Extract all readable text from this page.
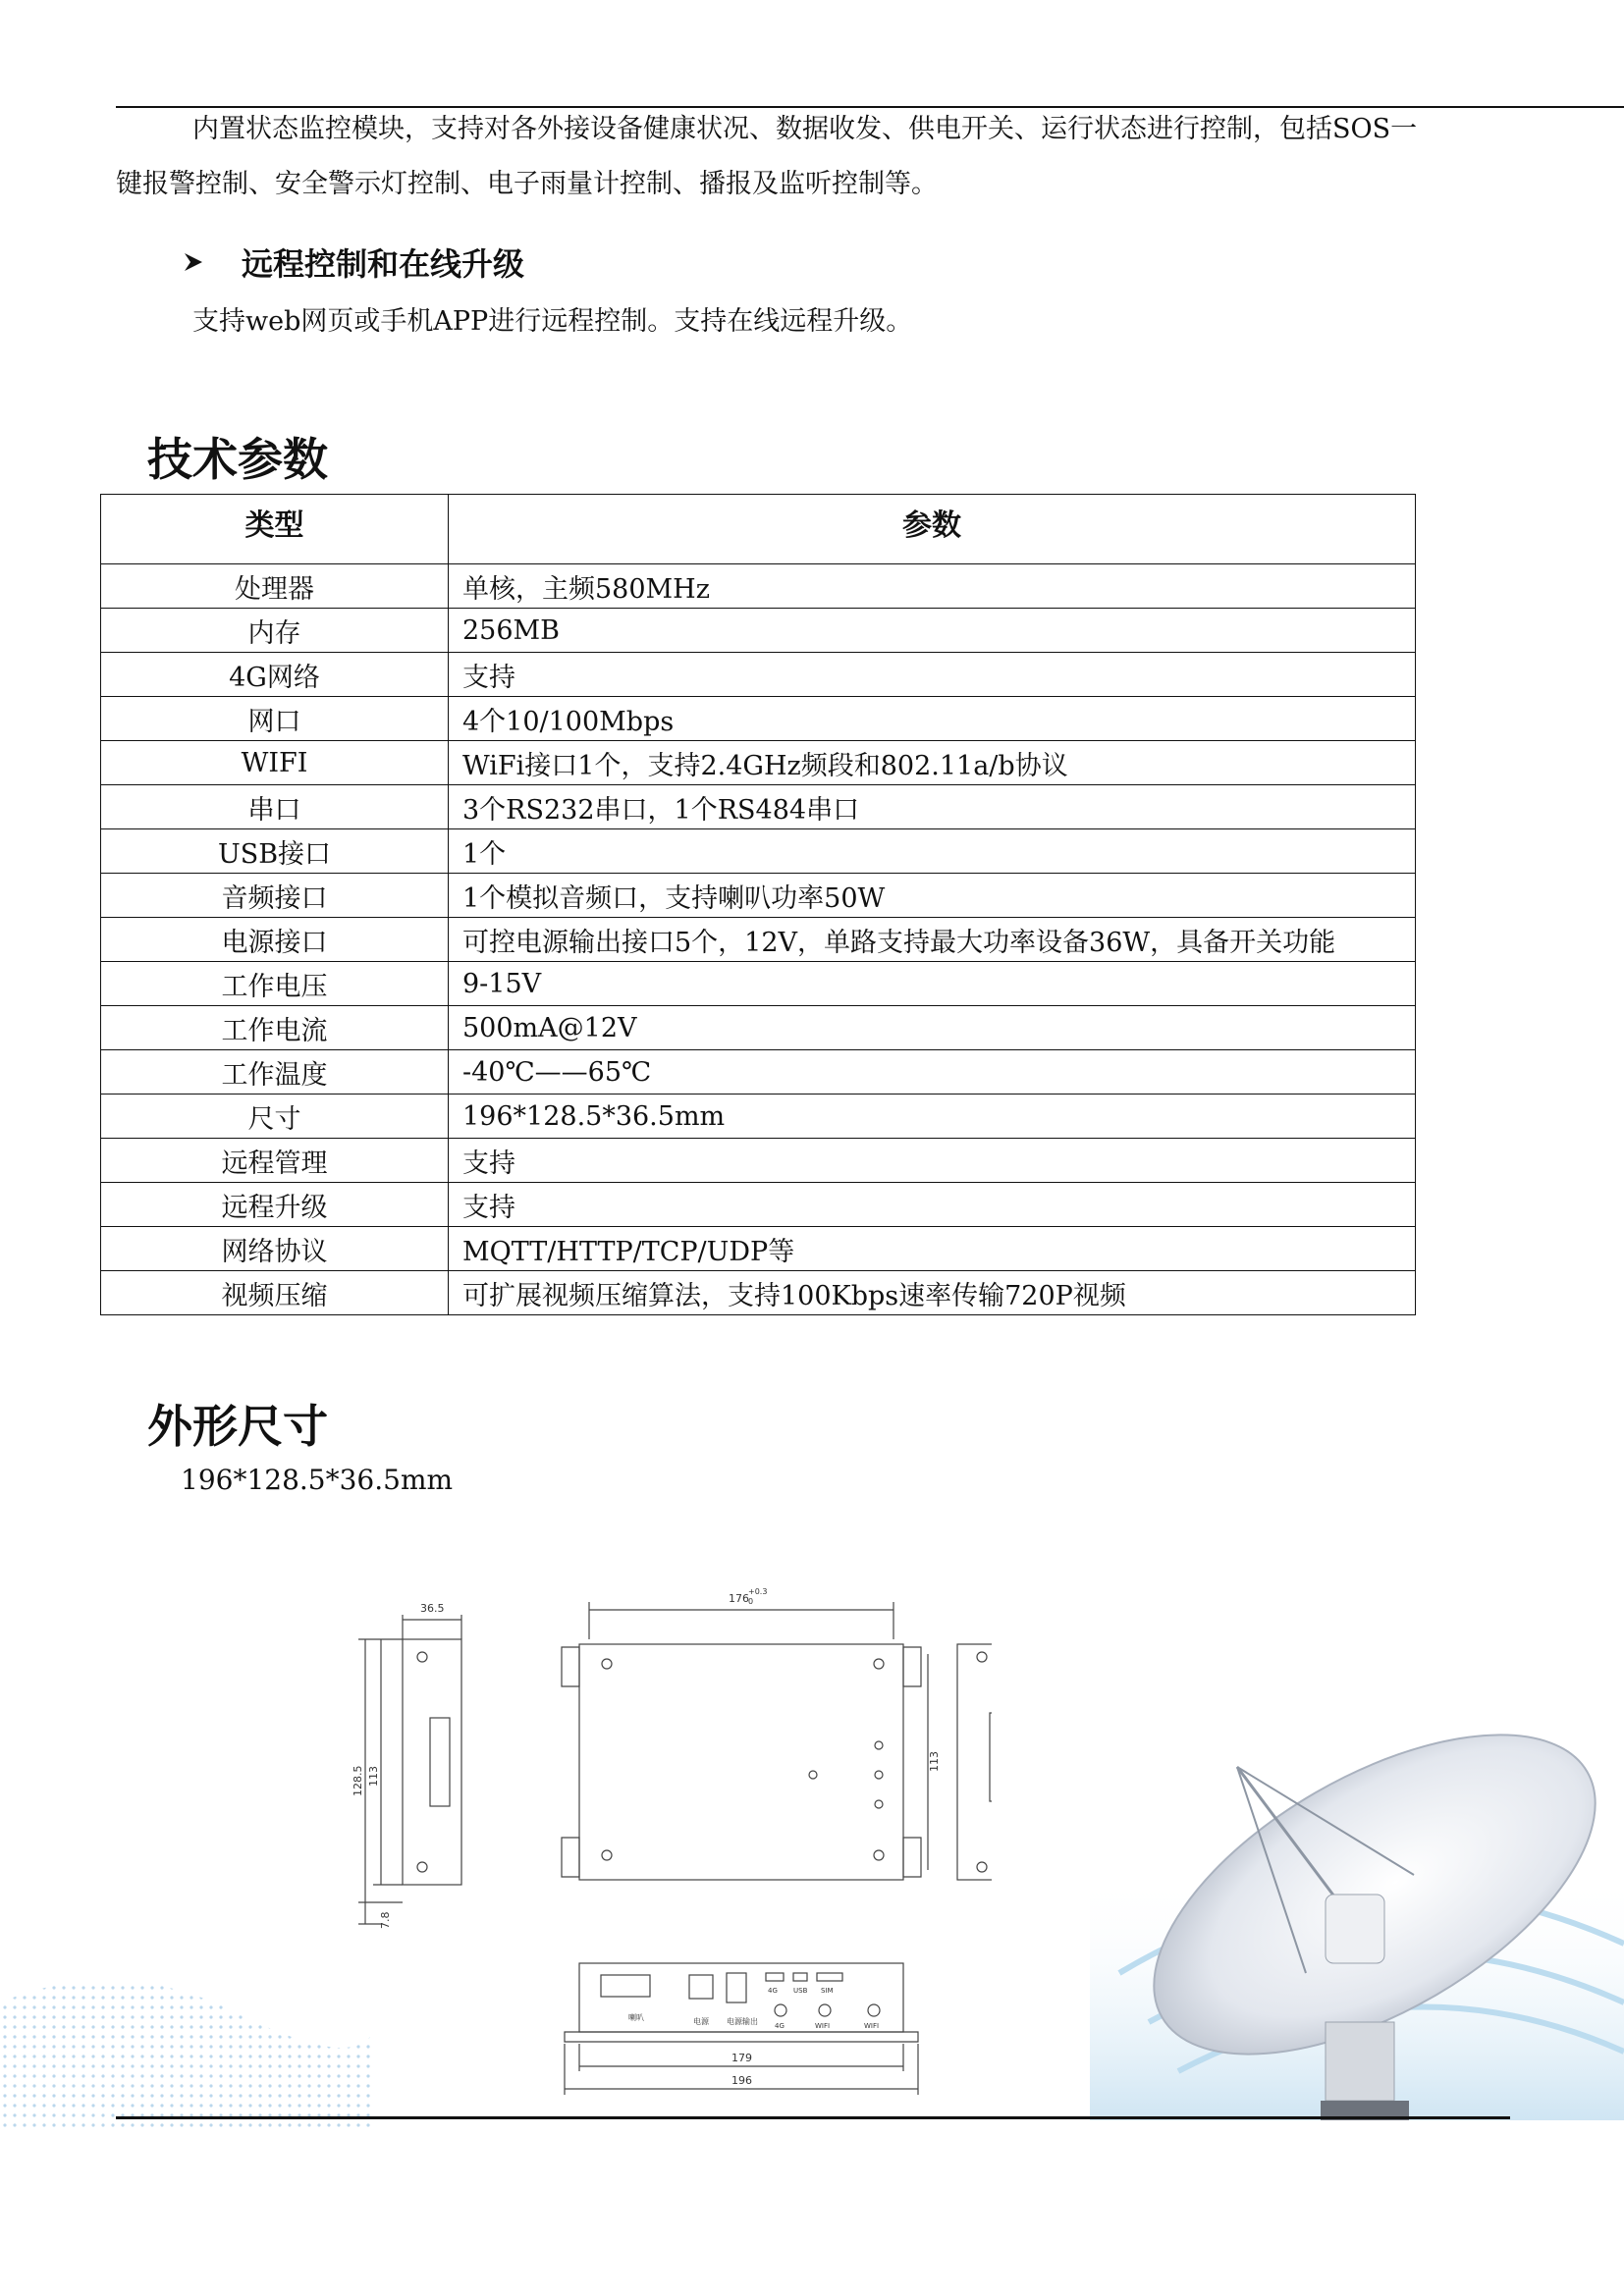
内置状态监控模块，支持对各外接设备健康状况、数据收发、供电开关、运行状态进行控制，包括SOS一

键报警控制、安全警示灯控制、电子雨量计控制、播报及监听控制等。

远程控制和在线升级

支持web网页或手机APP进行远程控制。支持在线远程升级。

技术参数
类型	参数
处理器	单核，主频580MHz
内存	256MB
4G网络	支持
网口	4个10/100Mbps
WIFI	WiFi接口1个，支持2.4GHz频段和802.11a/b协议
串口	3个RS232串口，1个RS484串口
USB接口	1个
音频接口	1个模拟音频口，支持喇叭功率50W
电源接口	可控电源输出接口5个，12V，单路支持最大功率设备36W，具备开关功能
工作电压	9-15V
工作电流	500mA@12V
工作温度	-40℃——65℃
尺寸	196*128.5*36.5mm
远程管理	支持
远程升级	支持
网络协议	MQTT/HTTP/TCP/UDP等
视频压缩	可扩展视频压缩算法，支持100Kbps速率传输720P视频
外形尺寸

196*128.5*36.5mm

36.5
128.5 113
7.8
176
+0.3
0
113
喇叭	电源 电源输出
4G USB SIM
4G	WIFI	WIFI
179
196
